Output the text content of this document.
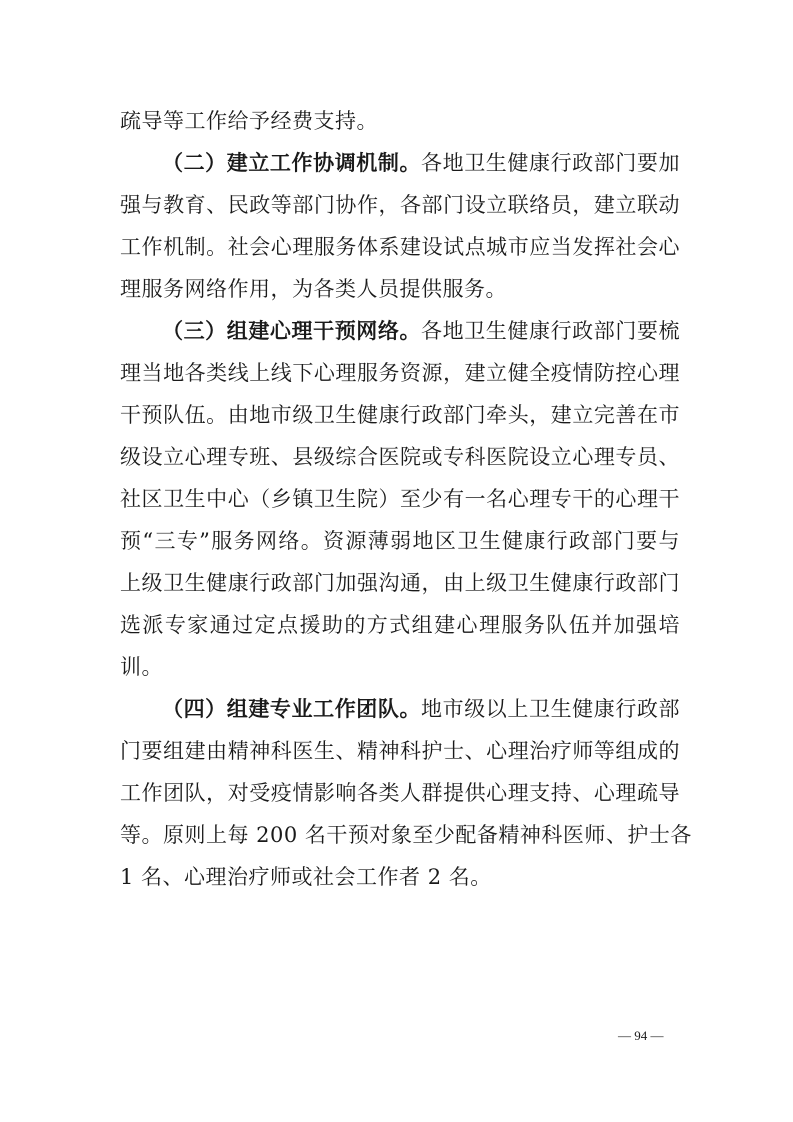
疏导等工作给予经费支持。
（二）建立工作协调机制。各地卫生健康行政部门要加
强与教育、民政等部门协作，各部门设立联络员，建立联动
工作机制。社会心理服务体系建设试点城市应当发挥社会心
理服务网络作用，为各类人员提供服务。
（三）组建心理干预网络。各地卫生健康行政部门要梳
理当地各类线上线下心理服务资源，建立健全疫情防控心理
干预队伍。由地市级卫生健康行政部门牵头，建立完善在市
级设立心理专班、县级综合医院或专科医院设立心理专员、
社区卫生中心（乡镇卫生院）至少有一名心理专干的心理干
预“三专”服务网络。资源薄弱地区卫生健康行政部门要与
上级卫生健康行政部门加强沟通，由上级卫生健康行政部门
选派专家通过定点援助的方式组建心理服务队伍并加强培
训。
（四）组建专业工作团队。地市级以上卫生健康行政部
门要组建由精神科医生、精神科护士、心理治疗师等组成的
工作团队，对受疫情影响各类人群提供心理支持、心理疏导
等。原则上每 200 名干预对象至少配备精神科医师、护士各
1 名、心理治疗师或社会工作者 2 名。
— 94 —
